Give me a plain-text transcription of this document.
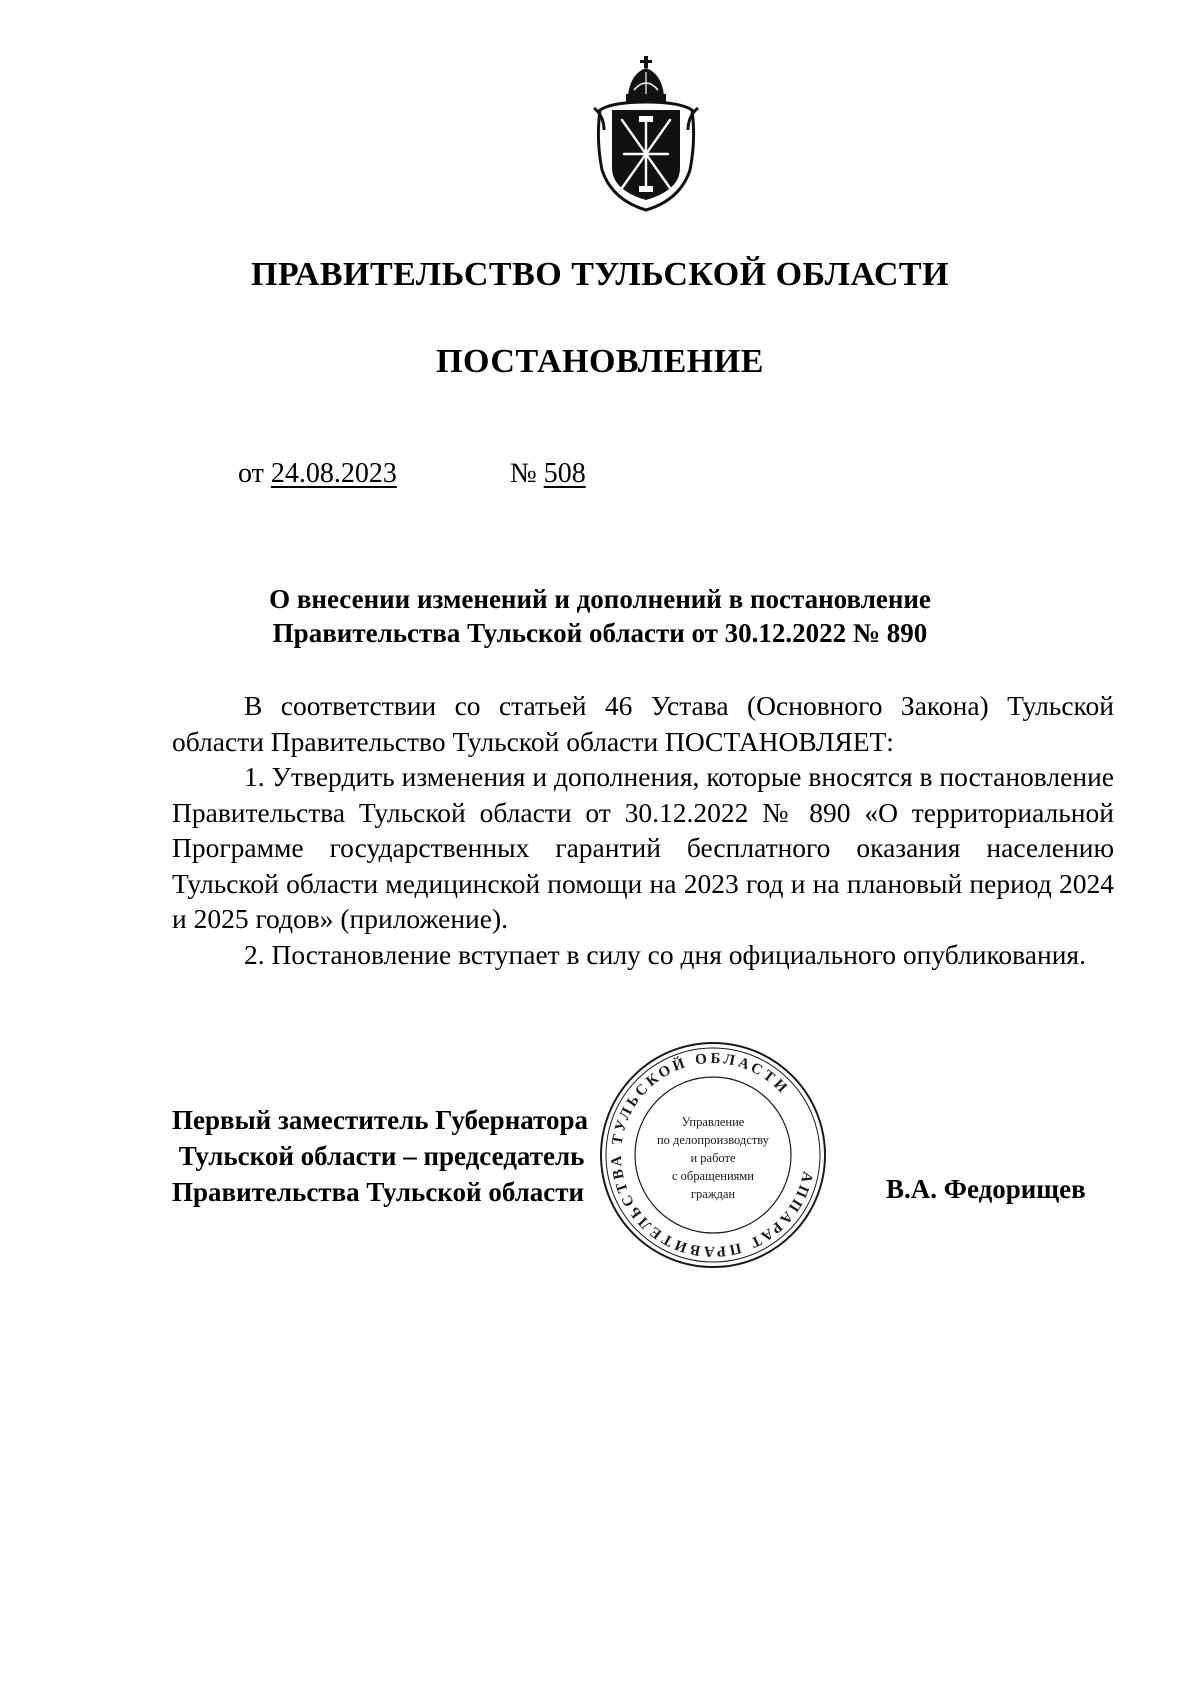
ПРАВИТЕЛЬСТВО ТУЛЬСКОЙ ОБЛАСТИ
ПОСТАНОВЛЕНИЕ
от 24.08.2023	№ 508
О внесении изменений и дополнений в постановление
Правительства Тульской области от 30.12.2022 № 890

В соответствии со статьей 46 Устава (Основного Закона) Тульской области Правительство Тульской области ПОСТАНОВЛЯЕТ:

1. Утвердить изменения и дополнения, которые вносятся в постановление Правительства Тульской области от 30.12.2022 № 890 «О территориальной Программе государственных гарантий бесплатного оказания населению Тульской области медицинской помощи на 2023 год и на плановый период 2024 и 2025 годов» (приложение).

2. Постановление вступает в силу со дня официального опубликования.

Первый заместитель Губернатора
Тульской области – председатель
Правительства Тульской области	В.А. Федорищев
АППАРАТ ПРАВИТЕЛЬСТВА ТУЛЬСКОЙ ОБЛАСТИ
Управление
по делопроизводству
и работе
с обращениями
граждан
